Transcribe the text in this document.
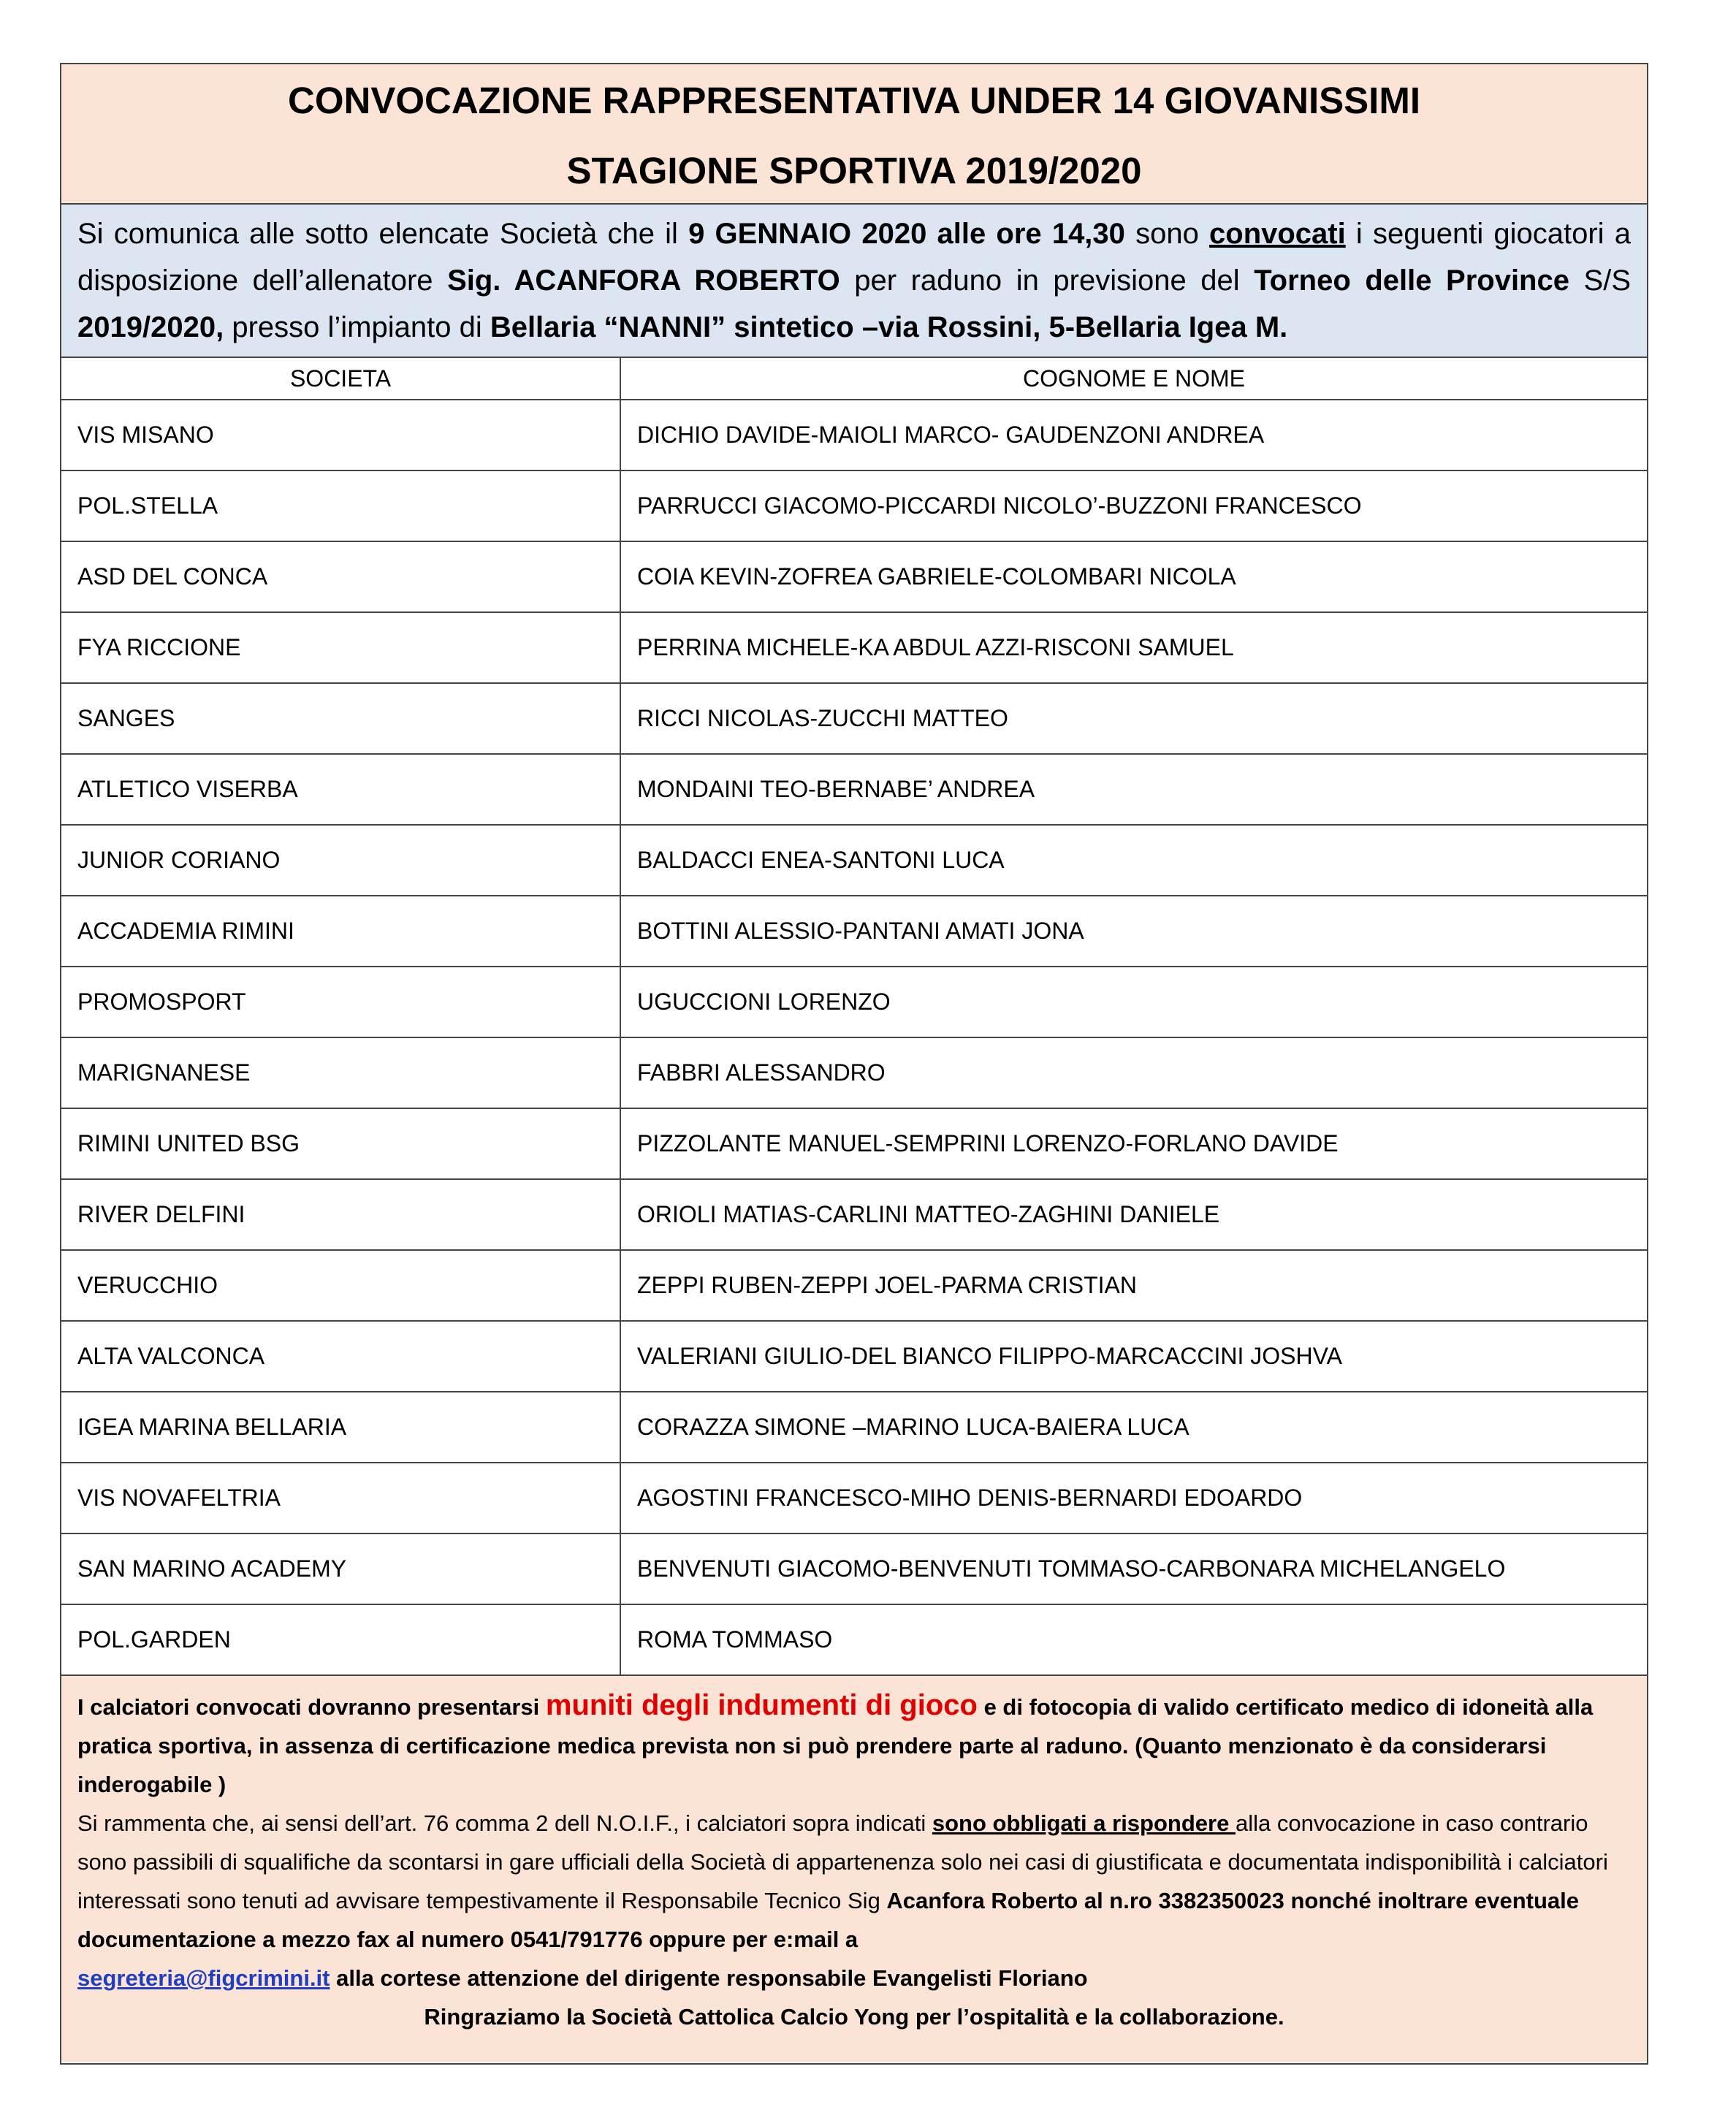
CONVOCAZIONE RAPPRESENTATIVA UNDER 14 GIOVANISSIMI
STAGIONE SPORTIVA 2019/2020
Si comunica alle sotto elencate Società che il 9 GENNAIO 2020 alle ore 14,30 sono convocati i seguenti giocatori a disposizione dell’allenatore Sig. ACANFORA ROBERTO per raduno in previsione del Torneo delle Province S/S 2019/2020, presso l’impianto di Bellaria “NANNI” sintetico –via Rossini, 5-Bellaria Igea M.
SOCIETA	COGNOME E NOME
VIS MISANO	DICHIO DAVIDE-MAIOLI MARCO- GAUDENZONI ANDREA
POL.STELLA	PARRUCCI GIACOMO-PICCARDI NICOLO’-BUZZONI FRANCESCO
ASD DEL CONCA	COIA KEVIN-ZOFREA GABRIELE-COLOMBARI NICOLA
FYA RICCIONE	PERRINA MICHELE-KA ABDUL AZZI-RISCONI SAMUEL
SANGES	RICCI NICOLAS-ZUCCHI MATTEO
ATLETICO VISERBA	MONDAINI TEO-BERNABE’ ANDREA
JUNIOR CORIANO	BALDACCI ENEA-SANTONI LUCA
ACCADEMIA RIMINI	BOTTINI ALESSIO-PANTANI AMATI JONA
PROMOSPORT	UGUCCIONI LORENZO
MARIGNANESE	FABBRI ALESSANDRO
RIMINI UNITED BSG	PIZZOLANTE MANUEL-SEMPRINI LORENZO-FORLANO DAVIDE
RIVER DELFINI	ORIOLI MATIAS-CARLINI MATTEO-ZAGHINI DANIELE
VERUCCHIO	ZEPPI RUBEN-ZEPPI JOEL-PARMA CRISTIAN
ALTA VALCONCA	VALERIANI GIULIO-DEL BIANCO FILIPPO-MARCACCINI JOSHVA
IGEA MARINA BELLARIA	CORAZZA SIMONE –MARINO LUCA-BAIERA LUCA
VIS NOVAFELTRIA	AGOSTINI FRANCESCO-MIHO DENIS-BERNARDI EDOARDO
SAN MARINO ACADEMY	BENVENUTI GIACOMO-BENVENUTI TOMMASO-CARBONARA MICHELANGELO
POL.GARDEN	ROMA TOMMASO
I calciatori convocati dovranno presentarsi muniti degli indumenti di gioco e di fotocopia di valido certificato medico di idoneità alla pratica sportiva, in assenza di certificazione medica prevista non si può prendere parte al raduno. (Quanto menzionato è da considerarsi inderogabile )
Si rammenta che, ai sensi dell’art. 76 comma 2 dell N.O.I.F., i calciatori sopra indicati sono obbligati a rispondere alla convocazione in caso contrario sono passibili di squalifiche da scontarsi in gare ufficiali della Società di appartenenza solo nei casi di giustificata e documentata indisponibilità i calciatori interessati sono tenuti ad avvisare tempestivamente il Responsabile Tecnico Sig Acanfora Roberto al n.ro 3382350023 nonché inoltrare eventuale documentazione a mezzo fax al numero 0541/791776 oppure per e:mail a
segreteria@figcrimini.it alla cortese attenzione del dirigente responsabile Evangelisti Floriano

Ringraziamo la Società Cattolica Calcio Yong per l’ospitalità e la collaborazione.
